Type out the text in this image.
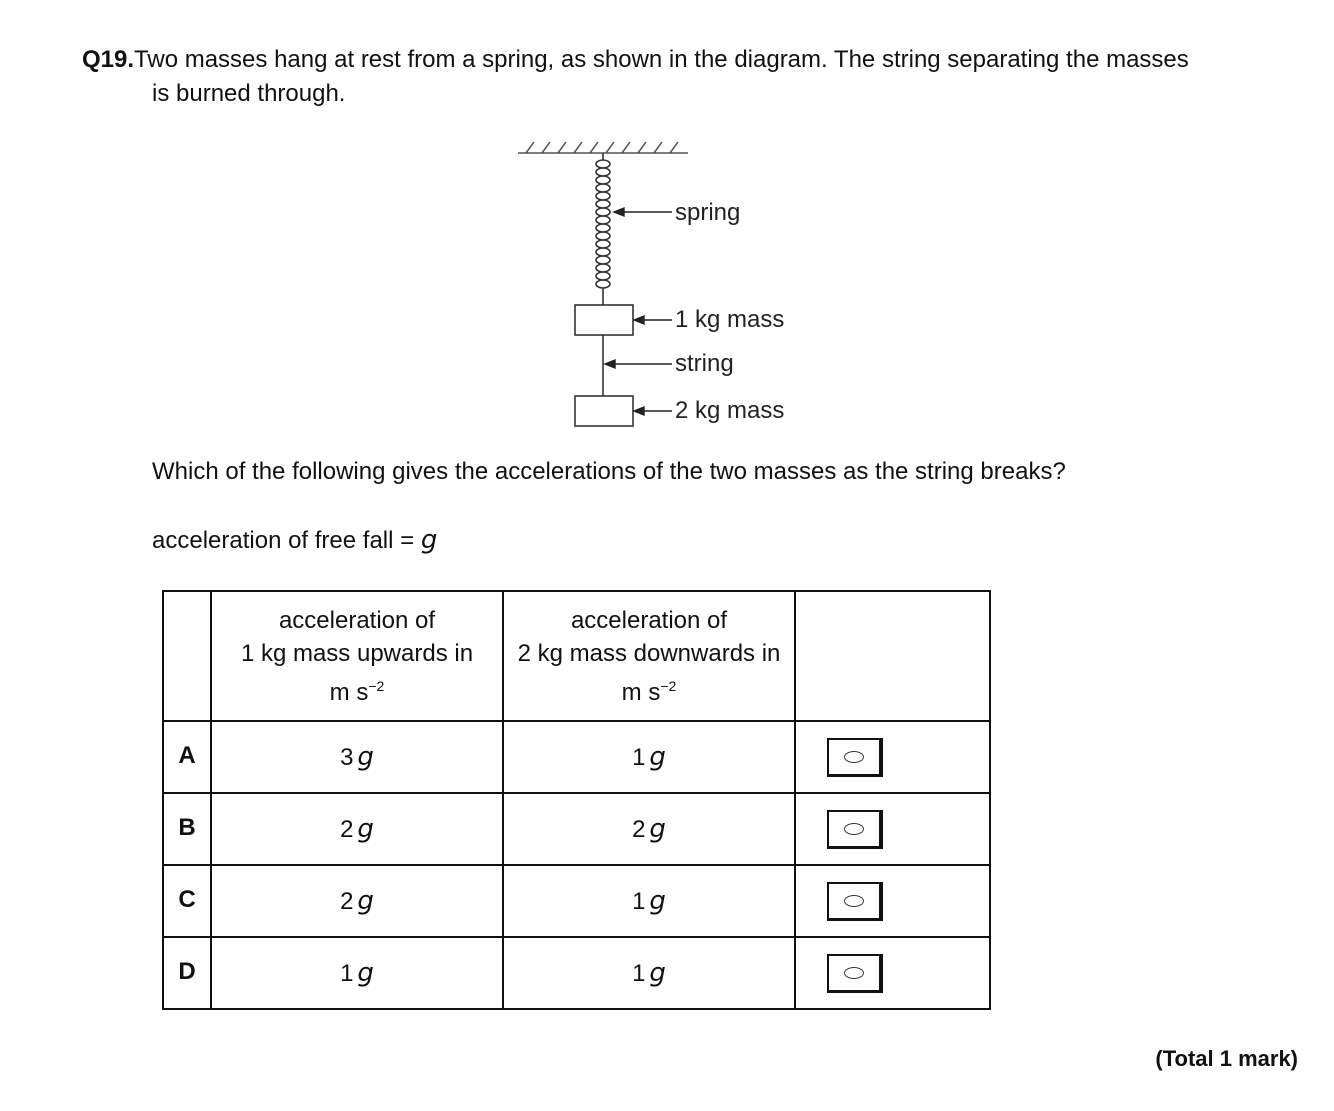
Q19.Two masses hang at rest from a spring, as shown in the diagram. The string separating the masses
is burned through.
spring
1 kg mass
string
2 kg mass
Which of the following gives the accelerations of the two masses as the string breaks?
acceleration of free fall = g

	acceleration of
1 kg mass upwards in
m $s^{-2}$	acceleration of
2 kg mass downwards in
m $s^{-2}$

A	3 g	1 g	

B	2 g	2 g	

C	2 g	1 g	

D	1 g	1 g	
(Total 1 mark)
